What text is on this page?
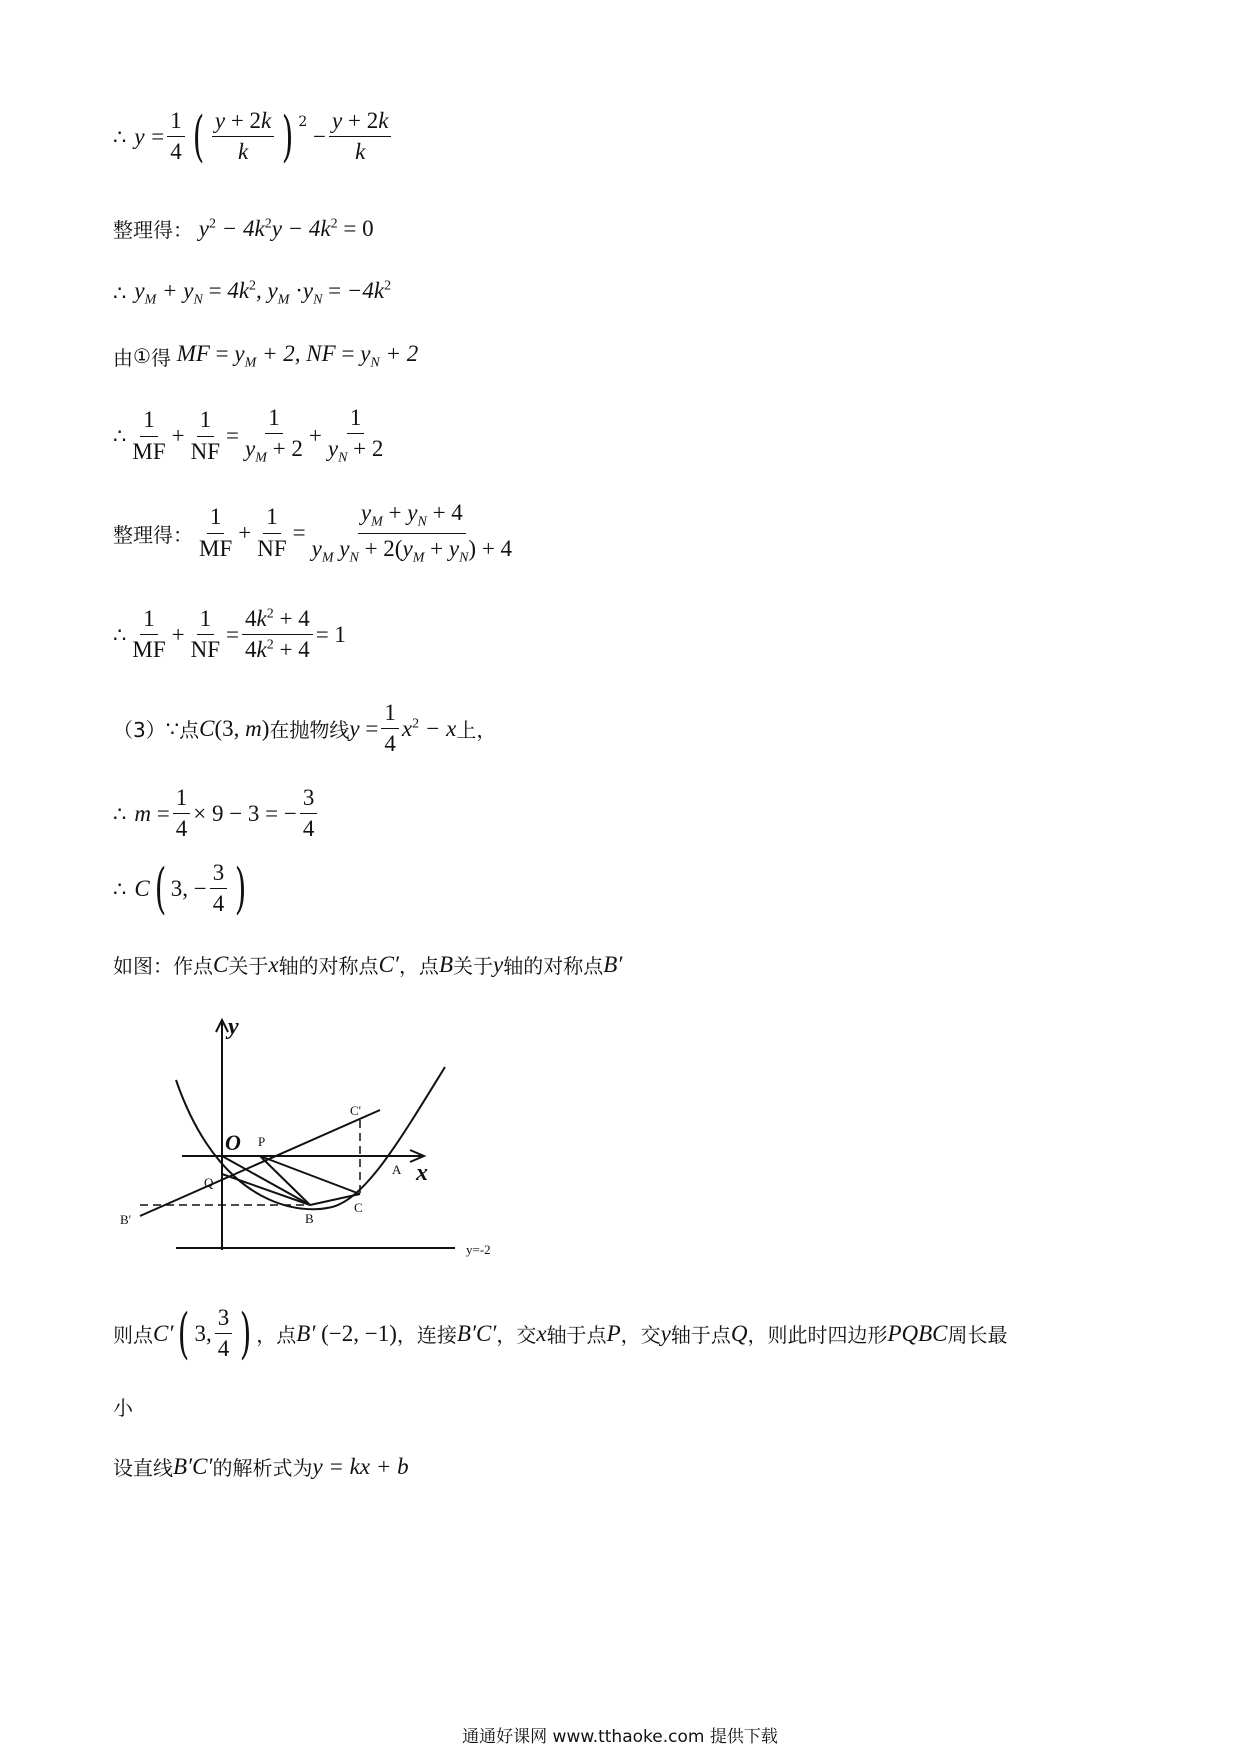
∴ y
= $\frac{1}{4}$ ( $\frac{y + 2k}{k}$ ) $^2$
− $\frac{y + 2k}{k}$
整理得： $y^2 - 4k^2y - 4k^2 = 0$
∴ $y_M + y_N = 4k^2$, $y_M \cdot y_N = -4k^2$
由 ① 得 MF = $y_M + 2$, NF = $y_N + 2$
∴ $\frac{1}{MF} + \frac{1}{NF} = \frac{1}{y_M + 2} + \frac{1}{y_N + 2}$
整理得： $\frac{1}{MF} + \frac{1}{NF} = \frac{y_M + y_N + 4}{y_M y_N + 2(y_M + y_N) + 4}$
∴ $\frac{1}{MF} + \frac{1}{NF} = \frac{4k^2 + 4}{4k^2 + 4} = 1$
（3） ∵ 点 C(3, m) 在抛物线 $y = \frac{1}{4} x^2 - x$ 上，
∴ $m = \frac{1}{4} \times 9 - 3$ = − $\frac{3}{4}$
∴ C ( 3, − $\frac{3}{4}$ )
如图：作点 C 关于 x 轴的对称点 C′ ，点 B 关于 y 轴的对称点 B′
y
x
O P
Q
A
B
C
C'
B'
y=-2
则点 C′ ( 3, $\frac{3}{4}$ ) ，点 B′ (−2, −1) ，连接 B′C′ ，交 x 轴于点 P ，交 y 轴于点 Q ，则此时四边形 PQBC 周长最
小
设直线 B′C′ 的解析式为 y = kx + b
通通好课网 www.tthaoke.com 提供下载
